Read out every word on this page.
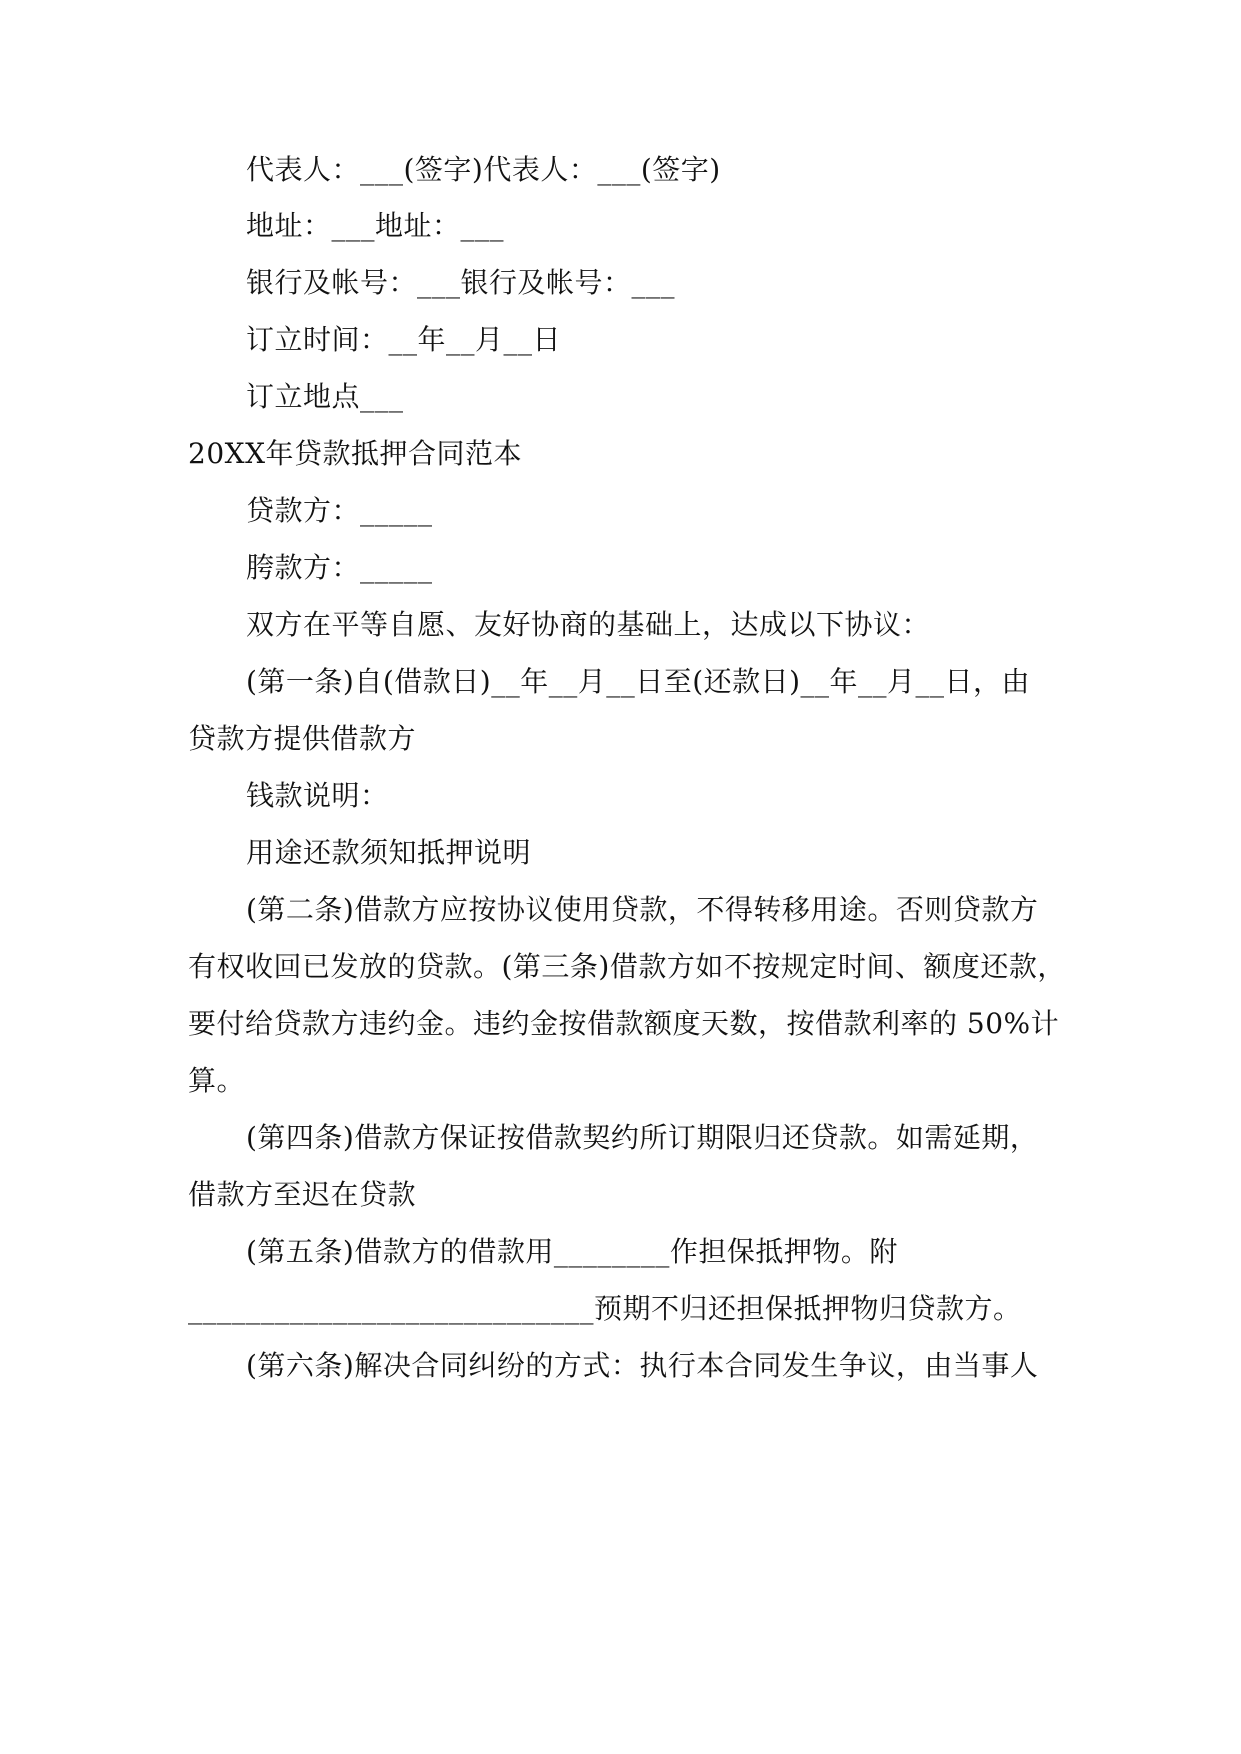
代表人：___(签字)代表人：___(签字)
地址：___地址：___
银行及帐号：___银行及帐号：___
订立时间：__年__月__日
订立地点___
20XX年贷款抵押合同范本
贷款方：_____
胯款方：_____
双方在平等自愿、友好协商的基础上，达成以下协议：
(第一条)自(借款日)__年__月__日至(还款日)__年__月__日，由
贷款方提供借款方
钱款说明：
用途还款须知抵押说明
(第二条)借款方应按协议使用贷款，不得转移用途。否则贷款方
有权收回已发放的贷款。(第三条)借款方如不按规定时间、额度还款，
要付给贷款方违约金。违约金按借款额度天数，按借款利率的 50%计
算。
(第四条)借款方保证按借款契约所订期限归还贷款。如需延期，
借款方至迟在贷款
(第五条)借款方的借款用________作担保抵押物。附
____________________________预期不归还担保抵押物归贷款方。
(第六条)解决合同纠纷的方式：执行本合同发生争议，由当事人
